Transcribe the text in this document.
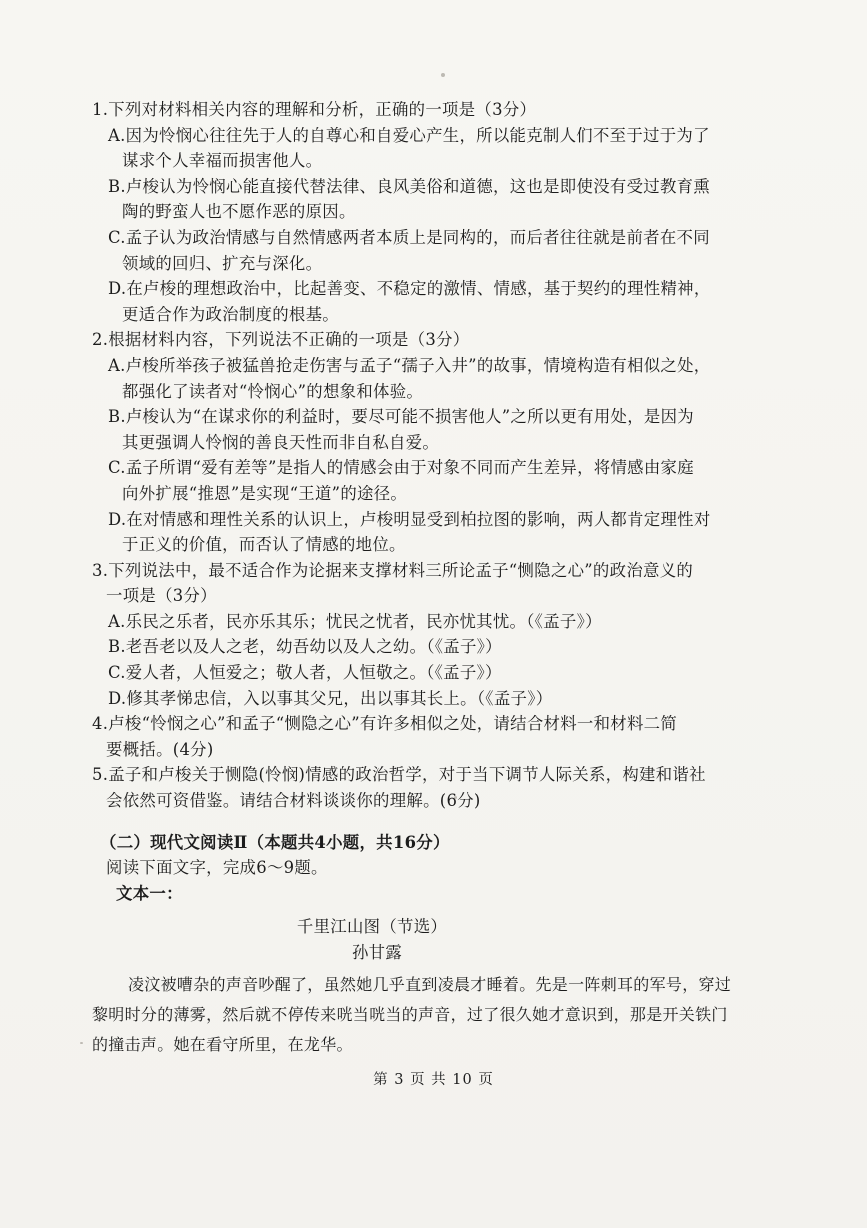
1.下列对材料相关内容的理解和分析，正确的一项是（3分）

A.因为怜悯心往往先于人的自尊心和自爱心产生，所以能克制人们不至于过于为了
谋求个人幸福而损害他人。

B.卢梭认为怜悯心能直接代替法律、良风美俗和道德，这也是即使没有受过教育熏
陶的野蛮人也不愿作恶的原因。

C.孟子认为政治情感与自然情感两者本质上是同构的，而后者往往就是前者在不同
领域的回归、扩充与深化。

D.在卢梭的理想政治中，比起善变、不稳定的激情、情感，基于契约的理性精神，
更适合作为政治制度的根基。

2.根据材料内容，下列说法不正确的一项是（3分）

A.卢梭所举孩子被猛兽抢走伤害与孟子“孺子入井”的故事，情境构造有相似之处，
都强化了读者对“怜悯心”的想象和体验。

B.卢梭认为“在谋求你的利益时，要尽可能不损害他人”之所以更有用处，是因为
其更强调人怜悯的善良天性而非自私自爱。

C.孟子所谓“爱有差等”是指人的情感会由于对象不同而产生差异，将情感由家庭
向外扩展“推恩”是实现“王道”的途径。

D.在对情感和理性关系的认识上，卢梭明显受到柏拉图的影响，两人都肯定理性对
于正义的价值，而否认了情感的地位。

3.下列说法中，最不适合作为论据来支撑材料三所论孟子“恻隐之心”的政治意义的
一项是（3分）

A.乐民之乐者，民亦乐其乐；忧民之忧者，民亦忧其忧。（《孟子》）

B.老吾老以及人之老，幼吾幼以及人之幼。（《孟子》）

C.爱人者，人恒爱之；敬人者，人恒敬之。（《孟子》）

D.修其孝悌忠信，入以事其父兄，出以事其长上。（《孟子》）

4.卢梭“怜悯之心”和孟子“恻隐之心”有许多相似之处，请结合材料一和材料二简
要概括。(4分)

5.孟子和卢梭关于恻隐(怜悯)情感的政治哲学，对于当下调节人际关系，构建和谐社
会依然可资借鉴。请结合材料谈谈你的理解。(6分)

（二）现代文阅读Ⅱ（本题共4小题，共16分）

阅读下面文字，完成6～9题。

文本一：

千里江山图（节选）

孙甘露

凌汶被嘈杂的声音吵醒了，虽然她几乎直到凌晨才睡着。先是一阵刺耳的军号，穿过黎明时分的薄雾，然后就不停传来咣当咣当的声音，过了很久她才意识到，那是开关铁门的撞击声。她在看守所里，在龙华。

第 3 页 共 10 页
